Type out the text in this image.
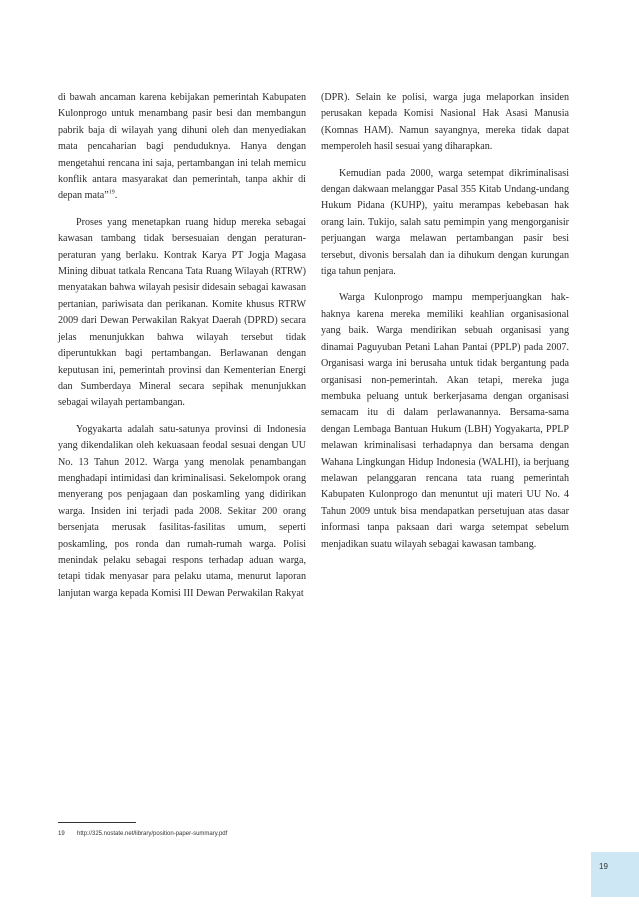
di bawah ancaman karena kebijakan pemerintah Kabupaten Kulonprogo untuk menambang pasir besi dan membangun pabrik baja di wilayah yang dihuni oleh dan menyediakan mata pencaharian bagi penduduknya. Hanya dengan mengetahui rencana ini saja, pertambangan ini telah memicu konflik antara masyarakat dan pemerintah, tanpa akhir di depan mata”$^{19}$.

Proses yang menetapkan ruang hidup mereka sebagai kawasan tambang tidak bersesuaian dengan peraturan-peraturan yang berlaku. Kontrak Karya PT Jogja Magasa Mining dibuat tatkala Rencana Tata Ruang Wilayah (RTRW) menyatakan bahwa wilayah pesisir didesain sebagai kawasan pertanian, pariwisata dan perikanan. Komite khusus RTRW 2009 dari Dewan Perwakilan Rakyat Daerah (DPRD) secara jelas menunjukkan bahwa wilayah tersebut tidak diperuntukkan bagi pertambangan. Berlawanan dengan keputusan ini, pemerintah provinsi dan Kementerian Energi dan Sumberdaya Mineral secara sepihak menunjukkan sebagai wilayah pertambangan.

Yogyakarta adalah satu-satunya provinsi di Indonesia yang dikendalikan oleh kekuasaan feodal sesuai dengan UU No. 13 Tahun 2012. Warga yang menolak penambangan menghadapi intimidasi dan kriminalisasi. Sekelompok orang menyerang pos penjagaan dan poskamling yang didirikan warga. Insiden ini terjadi pada 2008. Sekitar 200 orang bersenjata merusak fasilitas-fasilitas umum, seperti poskamling, pos ronda dan rumah-rumah warga. Polisi menindak pelaku sebagai respons terhadap aduan warga, tetapi tidak menyasar para pelaku utama, menurut laporan lanjutan warga kepada Komisi III Dewan Perwakilan Rakyat

(DPR). Selain ke polisi, warga juga melaporkan insiden perusakan kepada Komisi Nasional Hak Asasi Manusia (Komnas HAM). Namun sayangnya, mereka tidak dapat memperoleh hasil sesuai yang diharapkan.

Kemudian pada 2000, warga setempat dikriminalisasi dengan dakwaan melanggar Pasal 355 Kitab Undang-undang Hukum Pidana (KUHP), yaitu merampas kebebasan hak orang lain. Tukijo, salah satu pemimpin yang mengorganisir perjuangan warga melawan pertambangan pasir besi tersebut, divonis bersalah dan ia dihukum dengan kurungan tiga tahun penjara.

Warga Kulonprogo mampu memperjuangkan hak-haknya karena mereka memiliki keahlian organisasional yang baik. Warga mendirikan sebuah organisasi yang dinamai Paguyuban Petani Lahan Pantai (PPLP) pada 2007. Organisasi warga ini berusaha untuk tidak bergantung pada organisasi non-pemerintah. Akan tetapi, mereka juga membuka peluang untuk berkerjasama dengan organisasi semacam itu di dalam perlawanannya. Bersama-sama dengan Lembaga Bantuan Hukum (LBH) Yogyakarta, PPLP melawan kriminalisasi terhadapnya dan bersama dengan Wahana Lingkungan Hidup Indonesia (WALHI), ia berjuang melawan pelanggaran rencana tata ruang pemerintah Kabupaten Kulonprogo dan menuntut uji materi UU No. 4 Tahun 2009 untuk bisa mendapatkan persetujuan atas dasar informasi tanpa paksaan dari warga setempat sebelum menjadikan suatu wilayah sebagai kawasan tambang.

19 http://325.nostate.net/library/position-paper-summary.pdf
19
